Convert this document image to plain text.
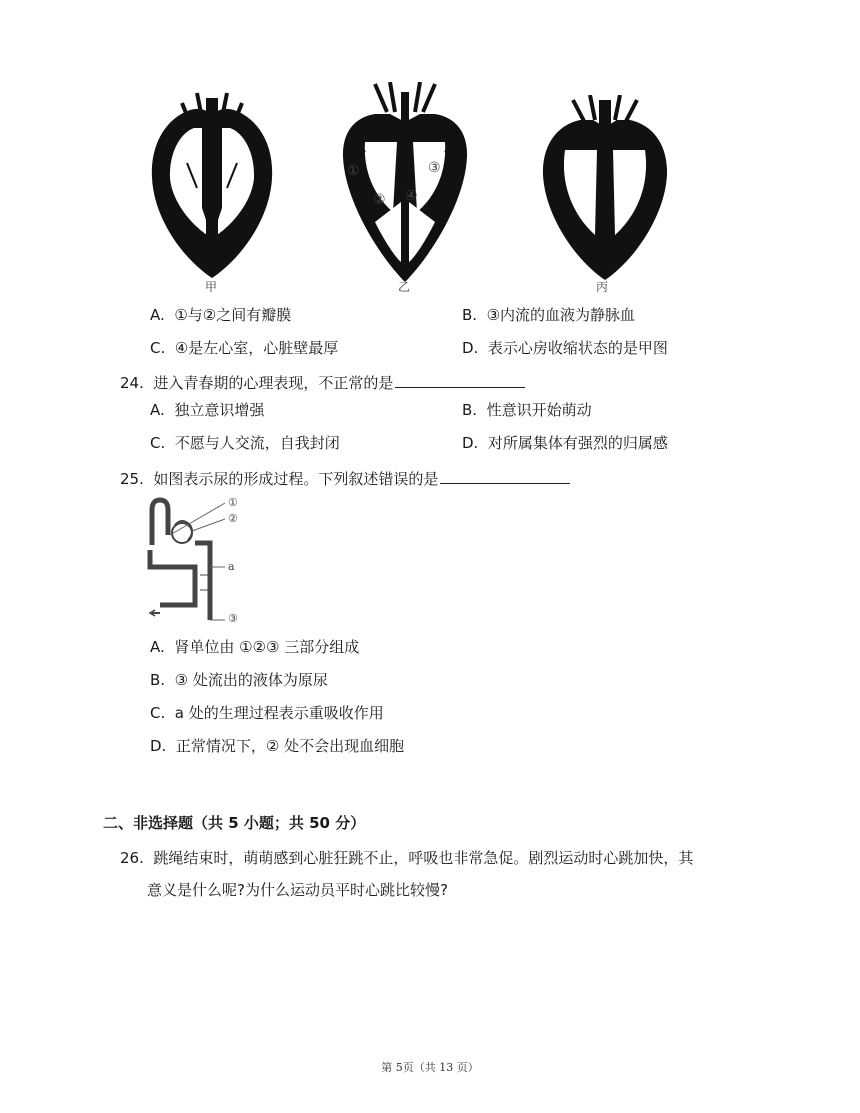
甲
①
②
③
④
乙	丙
A. ①与②之间有瓣膜	B. ③内流的血液为静脉血
C. ④是左心室，心脏壁最厚	D. 表示心房收缩状态的是甲图
24. 进入青春期的心理表现，不正常的是
A. 独立意识增强	B. 性意识开始萌动
C. 不愿与人交流，自我封闭	D. 对所属集体有强烈的归属感
25. 如图表示尿的形成过程。下列叙述错误的是
①
②
a
③
A. 肾单位由 ①②③ 三部分组成
B. ③ 处流出的液体为原尿
C. a 处的生理过程表示重吸收作用
D. 正常情况下，② 处不会出现血细胞
二、非选择题（共 5 小题；共 50 分）
26. 跳绳结束时，萌萌感到心脏狂跳不止，呼吸也非常急促。剧烈运动时心跳加快，其
意义是什么呢?为什么运动员平时心跳比较慢?
第 5页（共 13 页）
